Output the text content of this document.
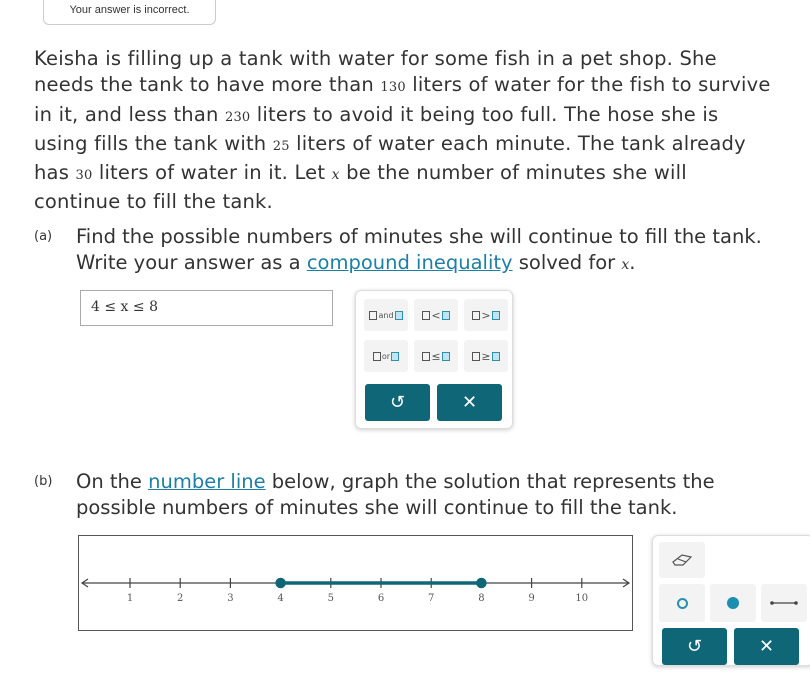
Your answer is incorrect.
Keisha is filling up a tank with water for some fish in a pet shop. She needs the tank to have more than 130 liters of water for the fish to survive in it, and less than 230 liters to avoid it being too full. The hose she is using fills the tank with 25 liters of water each minute. The tank already has 30 liters of water in it. Let x be the number of minutes she will continue to fill the tank.
(a) Find the possible numbers of minutes she will continue to fill the tank. Write your answer as a compound inequality solved for x.
4 ≤ x ≤ 8	and	<	>
or	≤	≥
↺	✕
(b) On the number line below, graph the solution that represents the possible numbers of minutes she will continue to fill the tank.
1	2	3	4	5	6	7	8	9	10
↺	✕
